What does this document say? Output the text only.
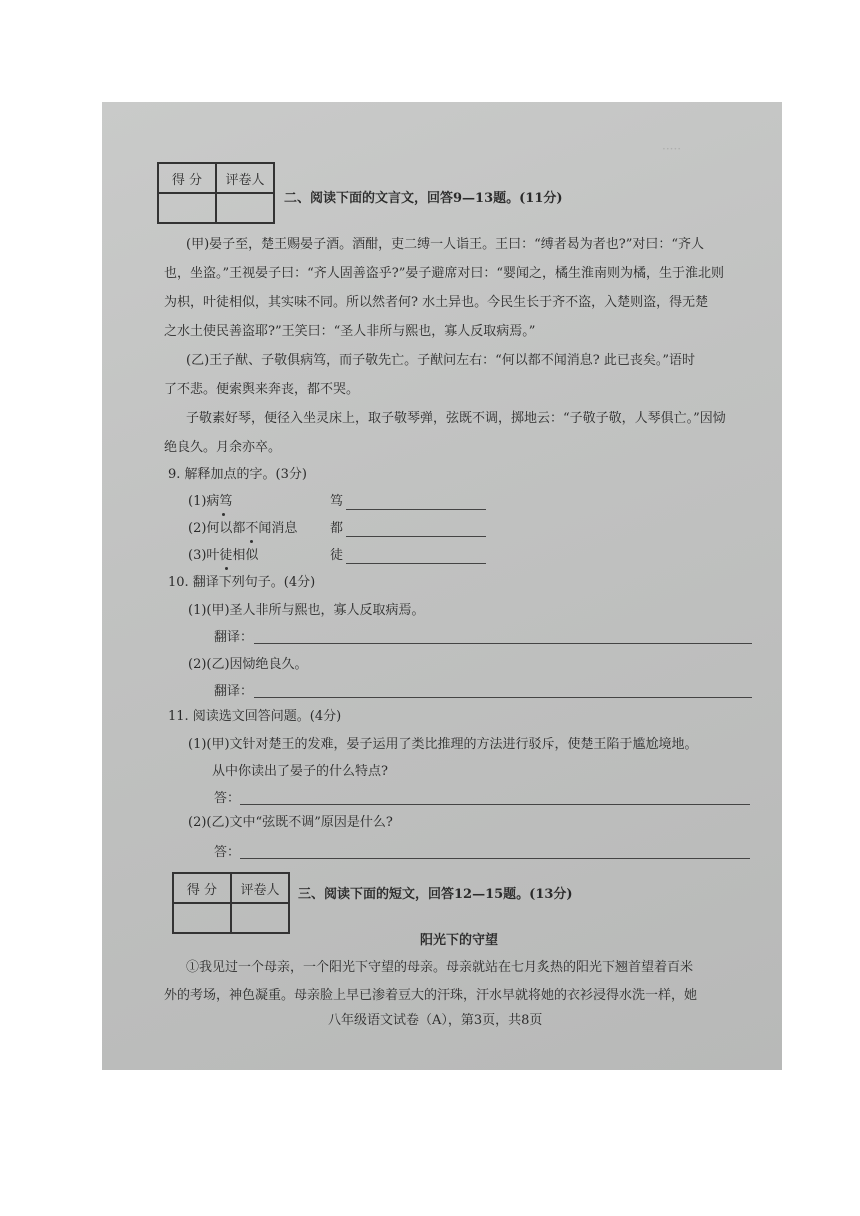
·····
得 分	评卷人

二、阅读下面的文言文，回答9—13题。(11分)
(甲)晏子至，楚王赐晏子酒。酒酣，吏二缚一人诣王。王曰：“缚者曷为者也?”对曰：“齐人
也，坐盗。”王视晏子曰：“齐人固善盗乎?”晏子避席对曰：“婴闻之，橘生淮南则为橘，生于淮北则
为枳，叶徒相似，其实味不同。所以然者何? 水土异也。今民生长于齐不盗，入楚则盗，得无楚
之水土使民善盗耶?”王笑曰：“圣人非所与熙也，寡人反取病焉。”
(乙)王子猷、子敬俱病笃，而子敬先亡。子猷问左右：“何以都不闻消息? 此已丧矣。”语时
了不悲。便索舆来奔丧，都不哭。
子敬素好琴，便径入坐灵床上，取子敬琴弹，弦既不调，掷地云：“子敬子敬，人琴俱亡。”因恸
绝良久。月余亦卒。
9. 解释加点的字。(3分)
(1)病笃	笃
(2)何以都不闻消息	都
(3)叶徒相似	徒
10. 翻译下列句子。(4分)
(1)(甲)圣人非所与熙也，寡人反取病焉。
翻译：
(2)(乙)因恸绝良久。
翻译：
11. 阅读选文回答问题。(4分)
(1)(甲)文针对楚王的发难，晏子运用了类比推理的方法进行驳斥，使楚王陷于尴尬境地。
从中你读出了晏子的什么特点?
答：
(2)(乙)文中“弦既不调”原因是什么?
答：
得 分	评卷人
	三、阅读下面的短文，回答12—15题。(13分)
阳光下的守望
①我见过一个母亲，一个阳光下守望的母亲。母亲就站在七月炙热的阳光下翘首望着百米
外的考场，神色凝重。母亲脸上早已渗着豆大的汗珠，汗水早就将她的衣衫浸得水洗一样，她
八年级语文试卷（A），第3页，共8页
